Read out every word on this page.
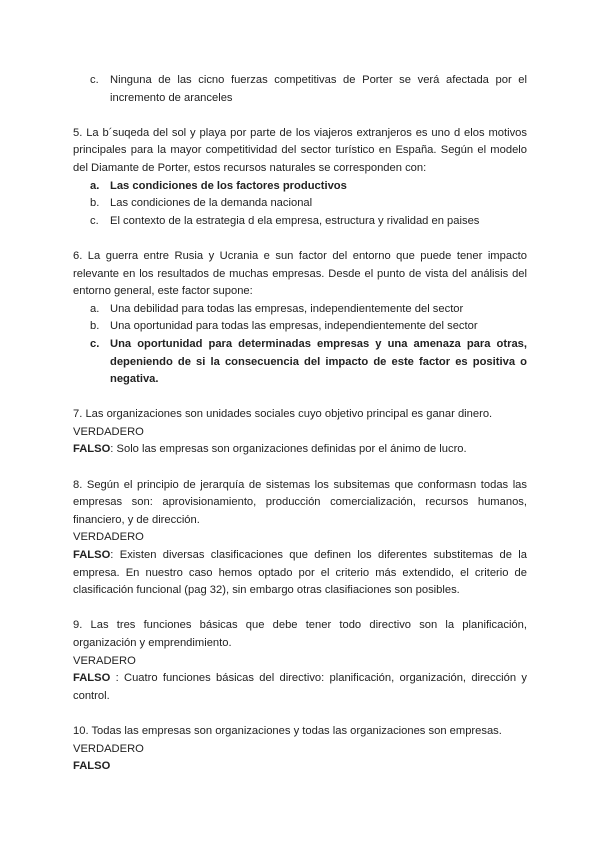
c. Ninguna de las cicno fuerzas competitivas de Porter se verá afectada por el incremento de aranceles

5. La b´suqeda del sol y playa por parte de los viajeros extranjeros es uno d elos motivos principales para la mayor competitividad del sector turístico en España. Según el modelo del Diamante de Porter, estos recursos naturales se corresponden con:

a. Las condiciones de los factores productivos
b. Las condiciones de la demanda nacional
c. El contexto de la estrategia d ela empresa, estructura y rivalidad en paises

6. La guerra entre Rusia y Ucrania e sun factor del entorno que puede tener impacto relevante en los resultados de muchas empresas. Desde el punto de vista del análisis del entorno general, este factor supone:

a. Una debilidad para todas las empresas, independientemente del sector
b. Una oportunidad para todas las empresas, independientemente del sector
c. Una oportunidad para determinadas empresas y una amenaza para otras, depeniendo de si la consecuencia del impacto de este factor es positiva o negativa.

7. Las organizaciones son unidades sociales cuyo objetivo principal es ganar dinero.

VERDADERO
FALSO: Solo las empresas son organizaciones definidas por el ánimo de lucro.

8. Según el principio de jerarquía de sistemas los subsitemas que conformasn todas las empresas son: aprovisionamiento, producción comercialización, recursos humanos, financiero, y de dirección.

VERDADERO
FALSO: Existen diversas clasificaciones que definen los diferentes substitemas de la empresa. En nuestro caso hemos optado por el criterio más extendido, el criterio de clasificación funcional (pag 32), sin embargo otras clasifiaciones son posibles.

9. Las tres funciones básicas que debe tener todo directivo son la planificación, organización y emprendimiento.

VERADERO
FALSO : Cuatro funciones básicas del directivo: planificación, organización, dirección y control.

10. Todas las empresas son organizaciones y todas las organizaciones son empresas.

VERDADERO
FALSO
